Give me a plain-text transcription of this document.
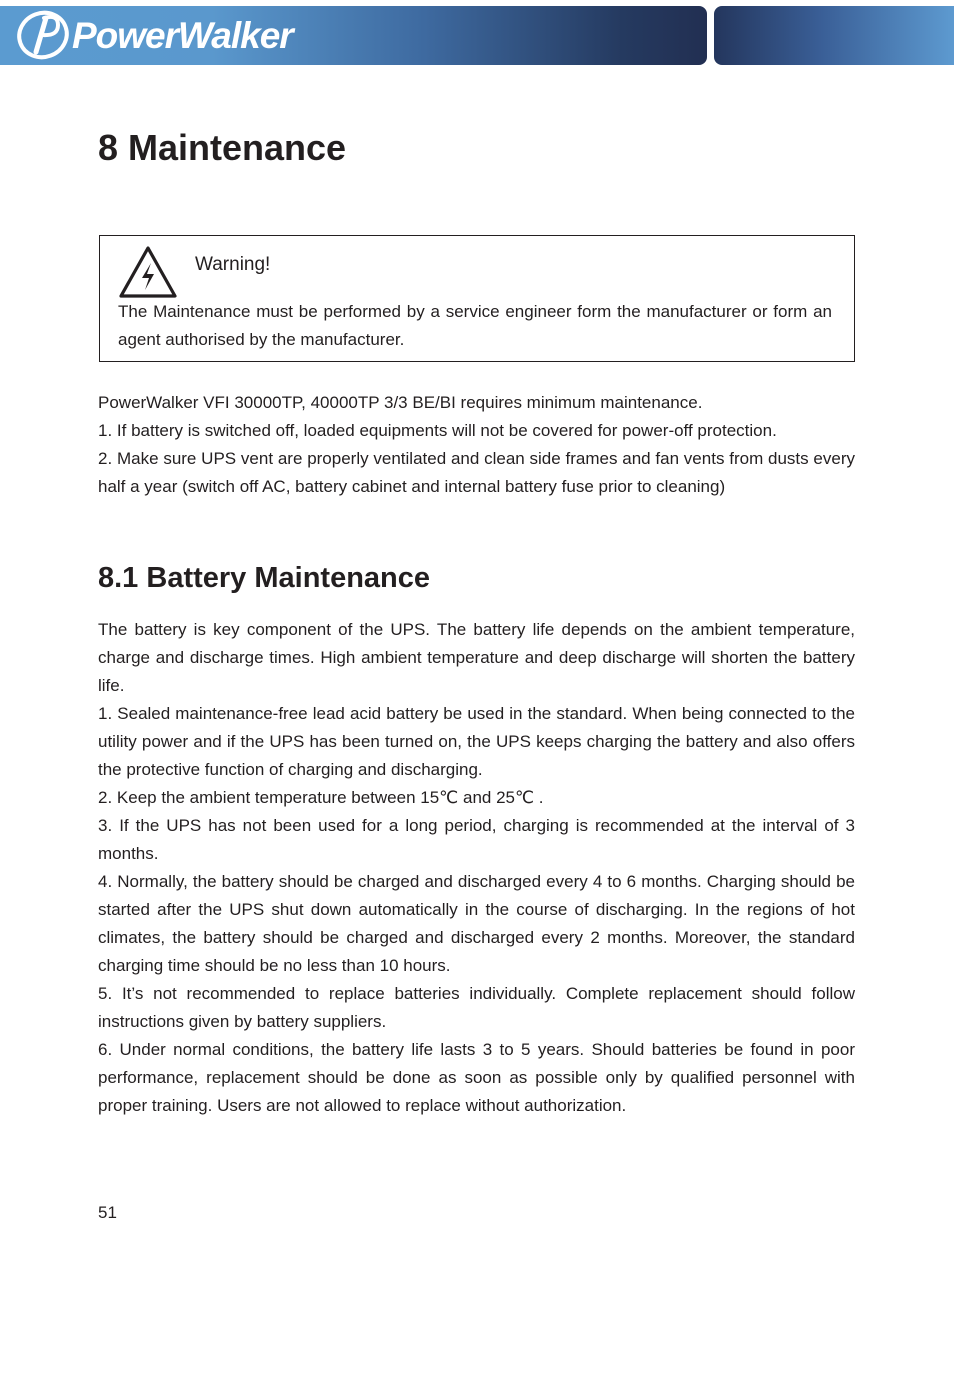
PowerWalker
8 Maintenance
Warning!
The Maintenance must be performed by a service engineer form the manufacturer or form an agent authorised by the manufacturer.

PowerWalker VFI 30000TP, 40000TP 3/3 BE/BI requires minimum maintenance.

1. If battery is switched off, loaded equipments will not be covered for power-off protection.

2. Make sure UPS vent are properly ventilated and clean side frames and fan vents from dusts every half a year (switch off AC, battery cabinet and internal battery fuse prior to cleaning)

8.1 Battery Maintenance

The battery is key component of the UPS. The battery life depends on the ambient temperature, charge and discharge times. High ambient temperature and deep discharge will shorten the battery life.

1. Sealed maintenance-free lead acid battery be used in the standard. When being connected to the utility power and if the UPS has been turned on, the UPS keeps charging the battery and also offers the protective function of charging and discharging.

2. Keep the ambient temperature between 15℃ and 25℃ .

3. If the UPS has not been used for a long period, charging is recommended at the interval of 3 months.

4. Normally, the battery should be charged and discharged every 4 to 6 months. Charging should be started after the UPS shut down automatically in the course of discharging. In the regions of hot climates, the battery should be charged and discharged every 2 months. Moreover, the standard charging time should be no less than 10 hours.

5. It’s not recommended to replace batteries individually. Complete replacement should follow instructions given by battery suppliers.

6. Under normal conditions, the battery life lasts 3 to 5 years. Should batteries be found in poor performance, replacement should be done as soon as possible only by qualified personnel with proper training. Users are not allowed to replace without authorization.

51
